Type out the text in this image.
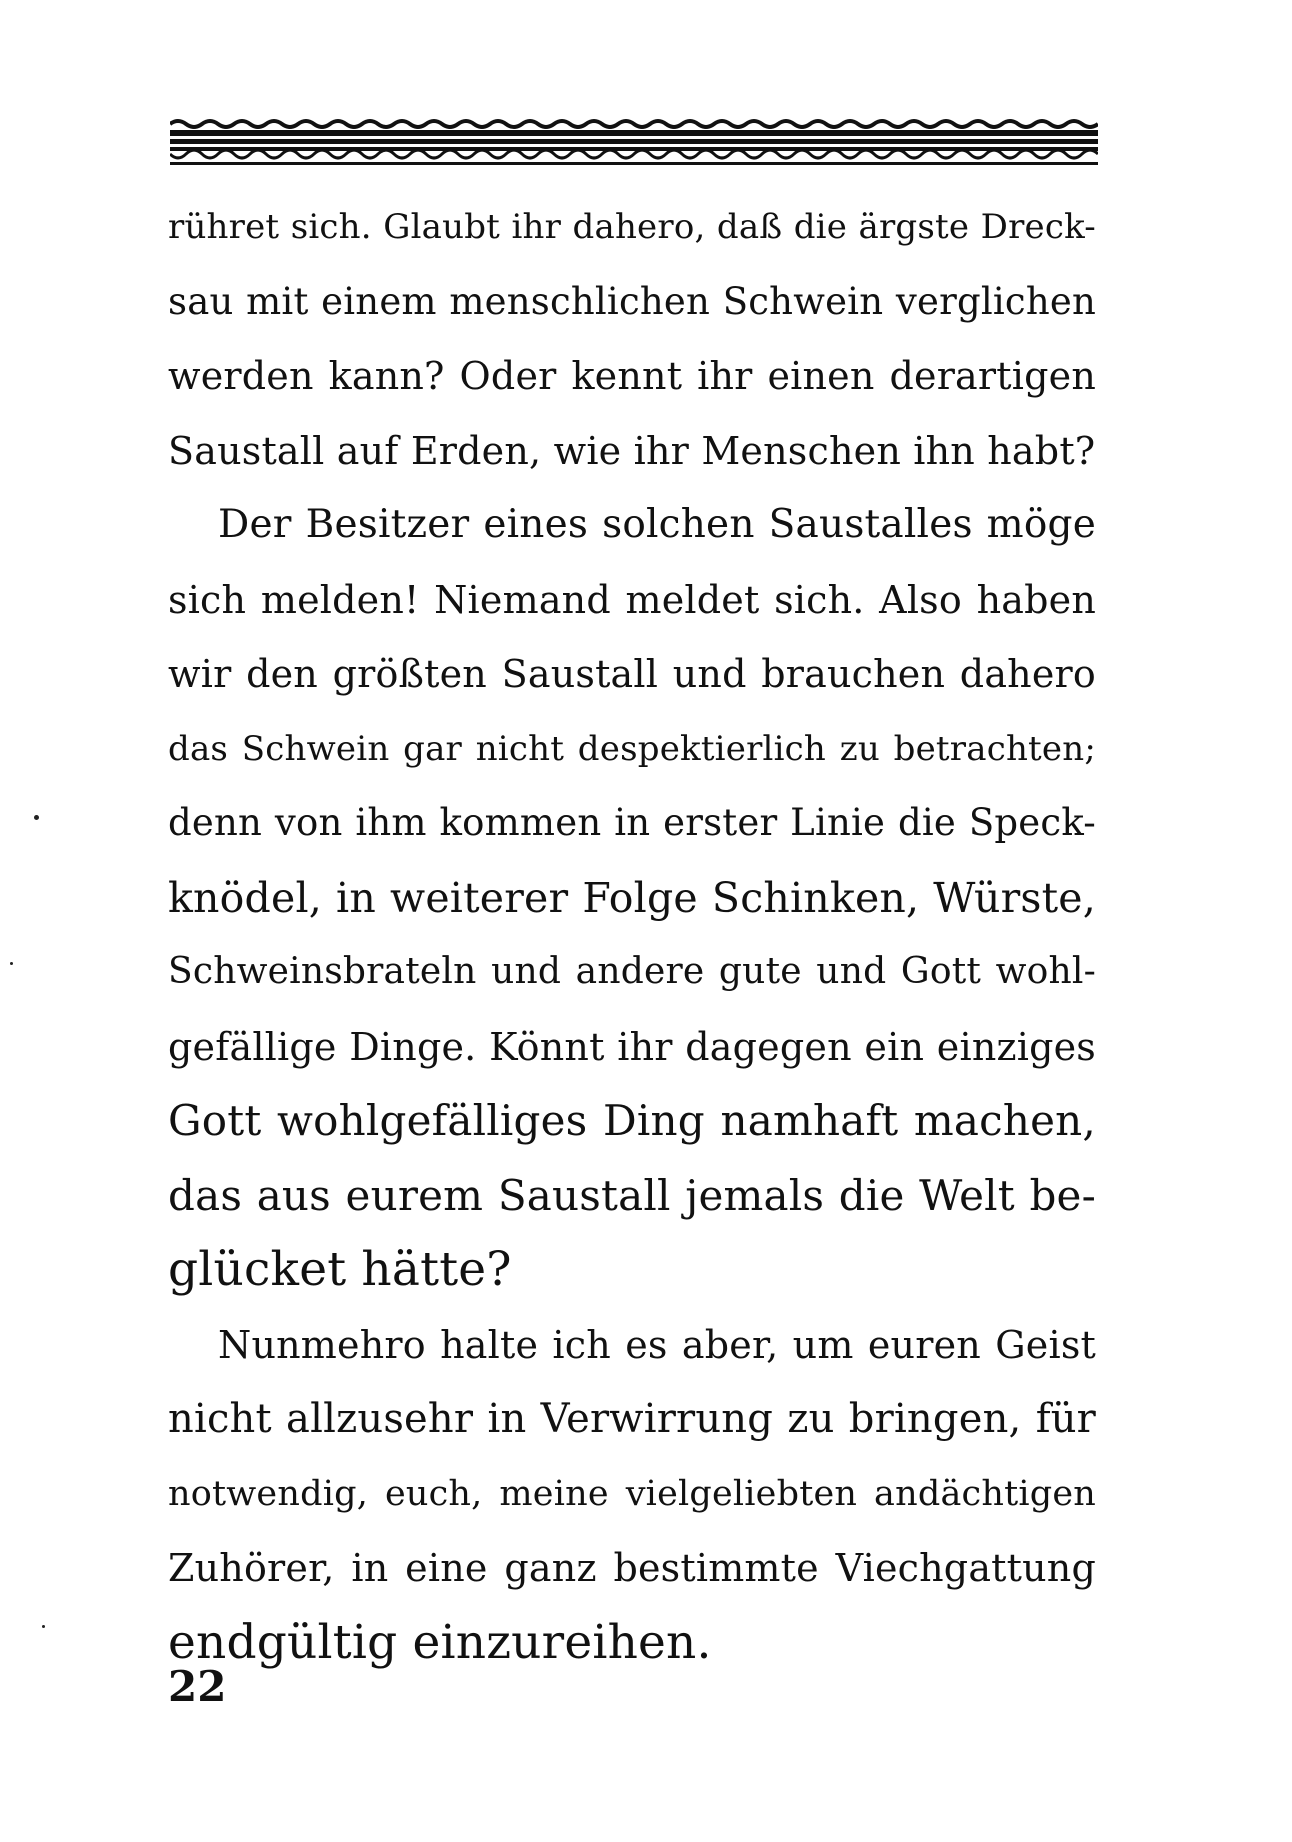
rühret sich. Glaubt ihr dahero, daß die ärgste Dreck-
sau mit einem menschlichen Schwein verglichen
werden kann? Oder kennt ihr einen derartigen
Saustall auf Erden, wie ihr Menschen ihn habt?
Der Besitzer eines solchen Saustalles möge
sich melden! Niemand meldet sich. Also haben
wir den größten Saustall und brauchen dahero
das Schwein gar nicht despektierlich zu betrachten;
denn von ihm kommen in erster Linie die Speck-
knödel, in weiterer Folge Schinken, Würste,
Schweinsbrateln und andere gute und Gott wohl-
gefällige Dinge. Könnt ihr dagegen ein einziges
Gott wohlgefälliges Ding namhaft machen,
das aus eurem Saustall jemals die Welt be-
glücket hätte?
Nunmehro halte ich es aber, um euren Geist
nicht allzusehr in Verwirrung zu bringen, für
notwendig, euch, meine vielgeliebten andächtigen
Zuhörer, in eine ganz bestimmte Viechgattung
endgültig einzureihen.
22
